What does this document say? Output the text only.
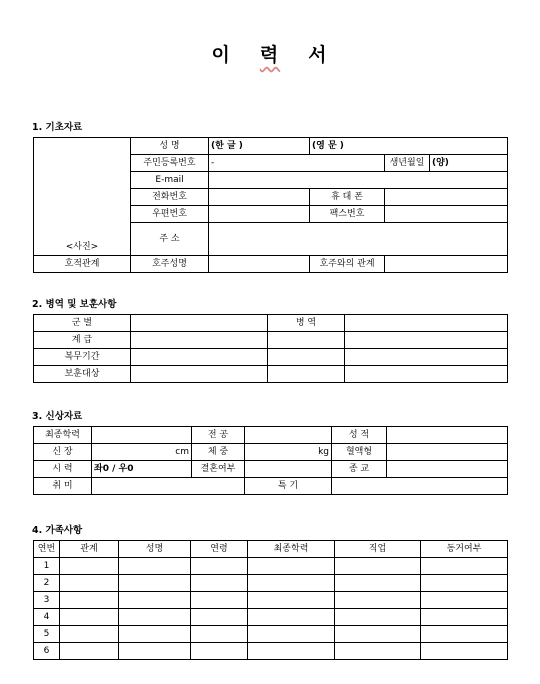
이 력 서
1. 기초자료
<사진>	성 명	(한 글 )	(영 문 )		
	주민등록번호	-		생년월일	(양)
	E-mail				
	전화번호		휴 대 폰		
	우편번호		팩스번호		
	주 소				

호적관계	호주성명		호주와의 관계		
2. 병역 및 보훈사항
군 별		병 역	
계 급			
복무기간			
보훈대상			
3. 신상자료
최종학력		전 공		성 적	
신 장	cm	체 중	kg	혈액형	
시 력	좌0 / 우0	결혼여부		종 교	
취 미			특 기		
4. 가족사항
연번	관계	성명	연령	최종학력	직업	동거여부
1						
2						
3						
4						
5						
6						
